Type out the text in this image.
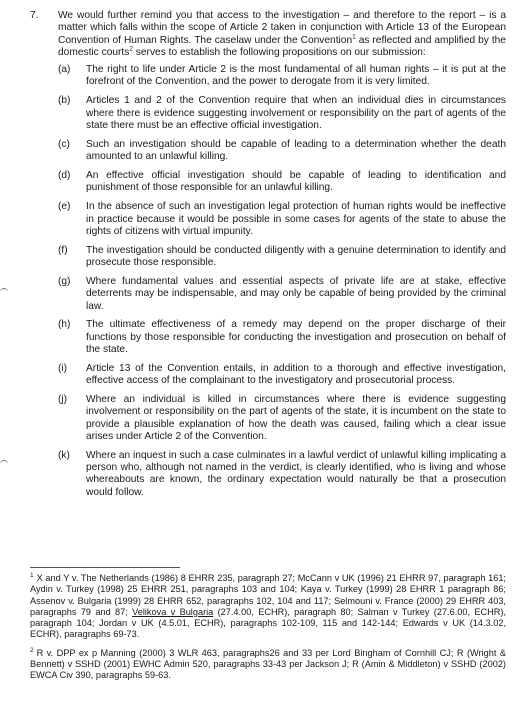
7.	We would further remind you that access to the investigation – and therefore to the report – is a matter which falls within the scope of Article 2 taken in conjunction with Article 13 of the European Convention of Human Rights. The caselaw under the Convention$^1$ as reflected and amplified by the domestic courts$^2$ serves to establish the following propositions on our submission:
(a) The right to life under Article 2 is the most fundamental of all human rights – it is put at the forefront of the Convention, and the power to derogate from it is very limited.
(b) Articles 1 and 2 of the Convention require that when an individual dies in circumstances where there is evidence suggesting involvement or responsibility on the part of agents of the state there must be an effective official investigation.
(c) Such an investigation should be capable of leading to a determination whether the death amounted to an unlawful killing.
(d) An effective official investigation should be capable of leading to identification and punishment of those responsible for an unlawful killing.
(e) In the absence of such an investigation legal protection of human rights would be ineffective in practice because it would be possible in some cases for agents of the state to abuse the rights of citizens with virtual impunity.
(f) The investigation should be conducted diligently with a genuine determination to identify and prosecute those responsible.
(g) Where fundamental values and essential aspects of private life are at stake, effective deterrents may be indispensable, and may only be capable of being provided by the criminal law.
(h) The ultimate effectiveness of a remedy may depend on the proper discharge of their functions by those responsible for conducting the investigation and prosecution on behalf of the state.
(i) Article 13 of the Convention entails, in addition to a thorough and effective investigation, effective access of the complainant to the investigatory and prosecutorial process.
(j) Where an individual is killed in circumstances where there is evidence suggesting involvement or responsibility on the part of agents of the state, it is incumbent on the state to provide a plausible explanation of how the death was caused, failing which a clear issue arises under Article 2 of the Convention.
(k) Where an inquest in such a case culminates in a lawful verdict of unlawful killing implicating a person who, although not named in the verdict, is clearly identified, who is living and whose whereabouts are known, the ordinary expectation would naturally be that a prosecution would follow.
$^1$ X and Y v. The Netherlands (1986) 8 EHRR 235, paragraph 27; McCann v UK (1996) 21 EHRR 97, paragraph 161; Aydin v. Turkey (1998) 25 EHRR 251, paragraphs 103 and 104; Kaya v. Turkey (1999) 28 EHRR 1 paragraph 86; Assenov v. Bulgaria (1999) 28 EHRR 652, paragraphs 102, 104 and 117; Selmouni v. France (2000) 29 EHRR 403, paragraphs 79 and 87; Velikova v Bulgaria (27.4.00, ECHR), paragraph 80; Salman v Turkey (27.6.00, ECHR), paragraph 104; Jordan v UK (4.5.01, ECHR), paragraphs 102-109, 115 and 142-144; Edwards v UK (14.3.02, ECHR), paragraphs 69-73.
$^2$ R v. DPP ex p Manning (2000) 3 WLR 463, paragraphs26 and 33 per Lord Bingham of Cornhill CJ; R (Wright & Bennett) v SSHD (2001) EWHC Admin 520, paragraphs 33-43 per Jackson J; R (Amin & Middleton) v SSHD (2002) EWCA Civ 390, paragraphs 59-63.
